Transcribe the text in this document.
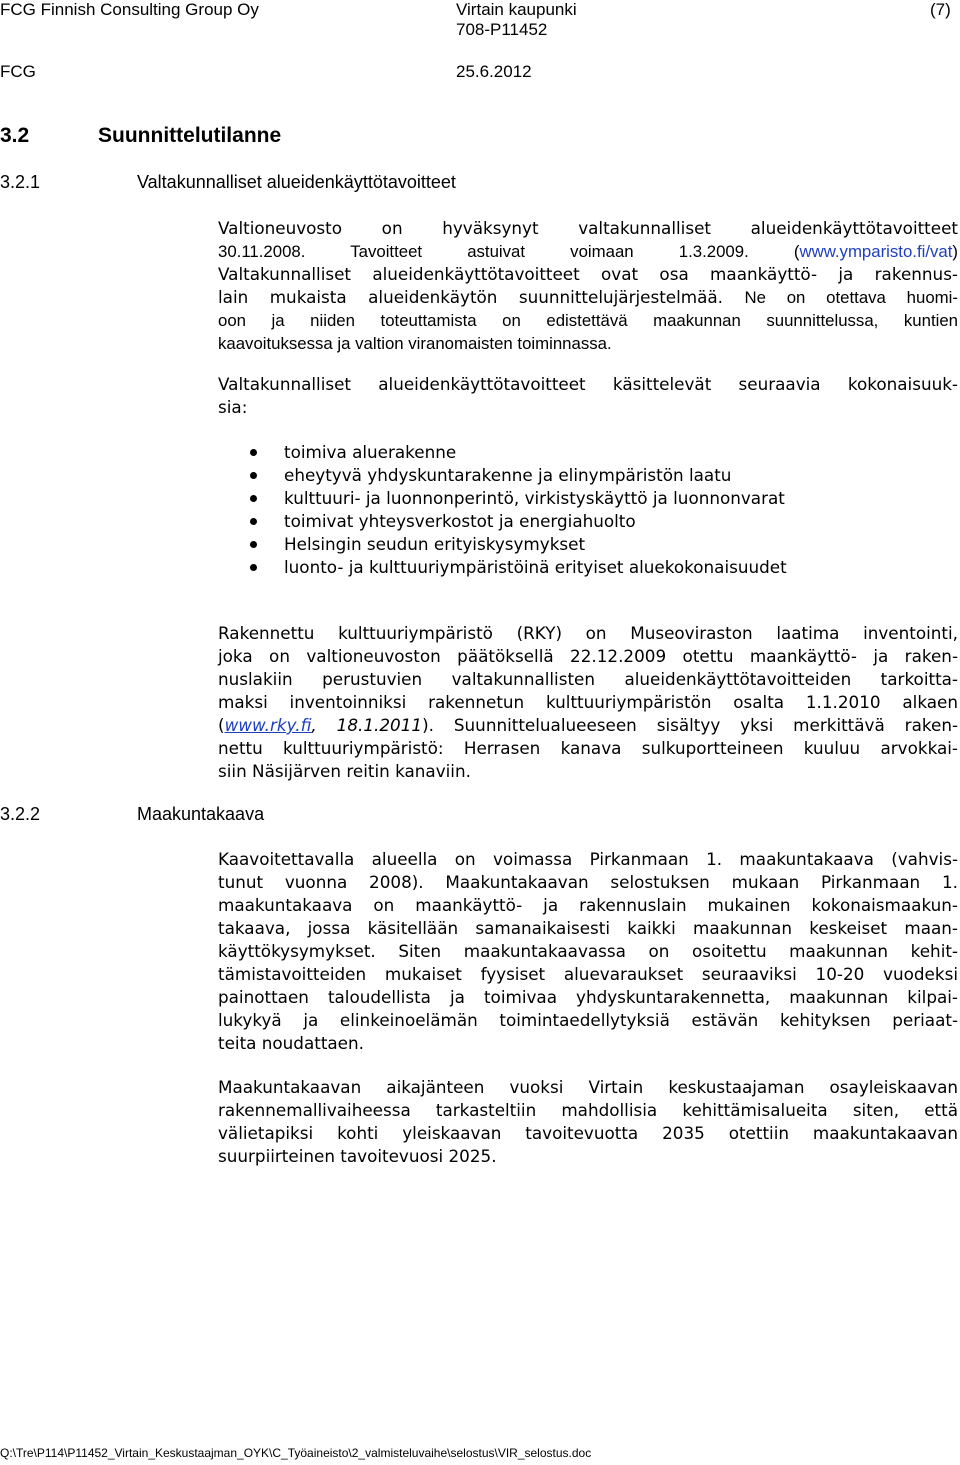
FCG Finnish Consulting Group Oy	Virtain kaupunki	(7)
708-P11452
FCG	25.6.2012
3.2	Suunnittelutilanne
3.2.1	Valtakunnalliset alueidenkäyttötavoitteet
Valtioneuvosto on hyväksynyt valtakunnalliset alueidenkäyttötavoitteet
30.11.2008. Tavoitteet astuivat voimaan 1.3.2009. (www.ymparisto.fi/vat)
Valtakunnalliset alueidenkäyttötavoitteet ovat osa maankäyttö- ja rakennus-
lain mukaista alueidenkäytön suunnittelujärjestelmää. Ne on otettava huomi-
oon ja niiden toteuttamista on edistettävä maakunnan suunnittelussa, kuntien
kaavoituksessa ja valtion viranomaisten toiminnassa.
Valtakunnalliset alueidenkäyttötavoitteet käsittelevät seuraavia kokonaisuuk-
sia:
toimiva aluerakenne
eheytyvä yhdyskuntarakenne ja elinympäristön laatu
kulttuuri- ja luonnonperintö, virkistyskäyttö ja luonnonvarat
toimivat yhteysverkostot ja energiahuolto
Helsingin seudun erityiskysymykset
luonto- ja kulttuuriympäristöinä erityiset aluekokonaisuudet
Rakennettu kulttuuriympäristö (RKY) on Museoviraston laatima inventointi,
joka on valtioneuvoston päätöksellä 22.12.2009 otettu maankäyttö- ja raken-
nuslakiin perustuvien valtakunnallisten alueidenkäyttötavoitteiden tarkoitta-
maksi inventoinniksi rakennetun kulttuuriympäristön osalta 1.1.2010 alkaen
(www.rky.fi, 18.1.2011). Suunnittelualueeseen sisältyy yksi merkittävä raken-
nettu kulttuuriympäristö: Herrasen kanava sulkuportteineen kuuluu arvokkai-
siin Näsijärven reitin kanaviin.
3.2.2	Maakuntakaava
Kaavoitettavalla alueella on voimassa Pirkanmaan 1. maakuntakaava (vahvis-
tunut vuonna 2008). Maakuntakaavan selostuksen mukaan Pirkanmaan 1.
maakuntakaava on maankäyttö- ja rakennuslain mukainen kokonaismaakun-
takaava, jossa käsitellään samanaikaisesti kaikki maakunnan keskeiset maan-
käyttökysymykset. Siten maakuntakaavassa on osoitettu maakunnan kehit-
tämistavoitteiden mukaiset fyysiset aluevaraukset seuraaviksi 10-20 vuodeksi
painottaen taloudellista ja toimivaa yhdyskuntarakennetta, maakunnan kilpai-
lukykyä ja elinkeinoelämän toimintaedellytyksiä estävän kehityksen periaat-
teita noudattaen.
Maakuntakaavan aikajänteen vuoksi Virtain keskustaajaman osayleiskaavan
rakennemallivaiheessa tarkasteltiin mahdollisia kehittämisalueita siten, että
välietapiksi kohti yleiskaavan tavoitevuotta 2035 otettiin maakuntakaavan
suurpiirteinen tavoitevuosi 2025.
Q:\Tre\P114\P11452_Virtain_Keskustaajman_OYK\C_Työaineisto\2_valmisteluvaihe\selostus\VIR_selostus.doc
